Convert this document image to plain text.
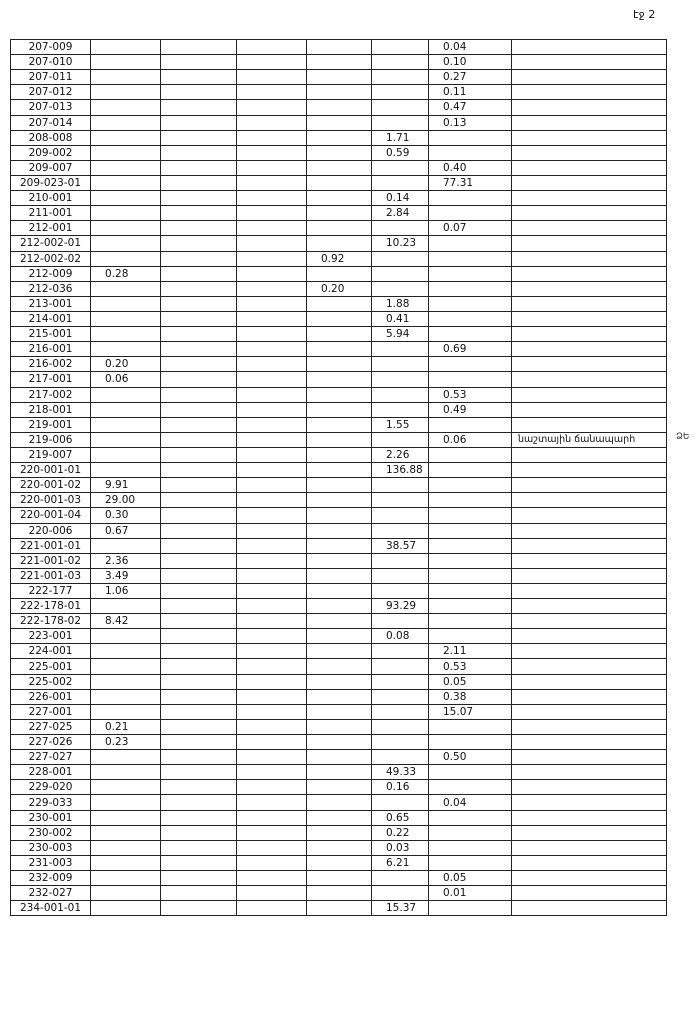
էջ 2
ՁԵ
207-009						0.04	
207-010						0.10	
207-011						0.27	
207-012						0.11	
207-013						0.47	
207-014						0.13	
208-008					1.71		
209-002					0.59		
209-007						0.40	
209-023-01						77.31	
210-001					0.14		
211-001					2.84		
212-001						0.07	
212-002-01					10.23		
212-002-02				0.92			
212-009	0.28						
212-036				0.20			
213-001					1.88		
214-001					0.41		
215-001					5.94		
216-001						0.69	
216-002	0.20						
217-001	0.06						
217-002						0.53	
218-001						0.49	
219-001					1.55		
219-006						0.06	նաշտային ճանապարհ
219-007					2.26		
220-001-01					136.88		
220-001-02	9.91						
220-001-03	29.00						
220-001-04	0.30						
220-006	0.67						
221-001-01					38.57		
221-001-02	2.36						
221-001-03	3.49						
222-177	1.06						
222-178-01					93.29		
222-178-02	8.42						
223-001					0.08		
224-001						2.11	
225-001						0.53	
225-002						0.05	
226-001						0.38	
227-001						15.07	
227-025	0.21						
227-026	0.23						
227-027						0.50	
228-001					49.33		
229-020					0.16		
229-033						0.04	
230-001					0.65		
230-002					0.22		
230-003					0.03		
231-003					6.21		
232-009						0.05	
232-027						0.01	
234-001-01					15.37		
